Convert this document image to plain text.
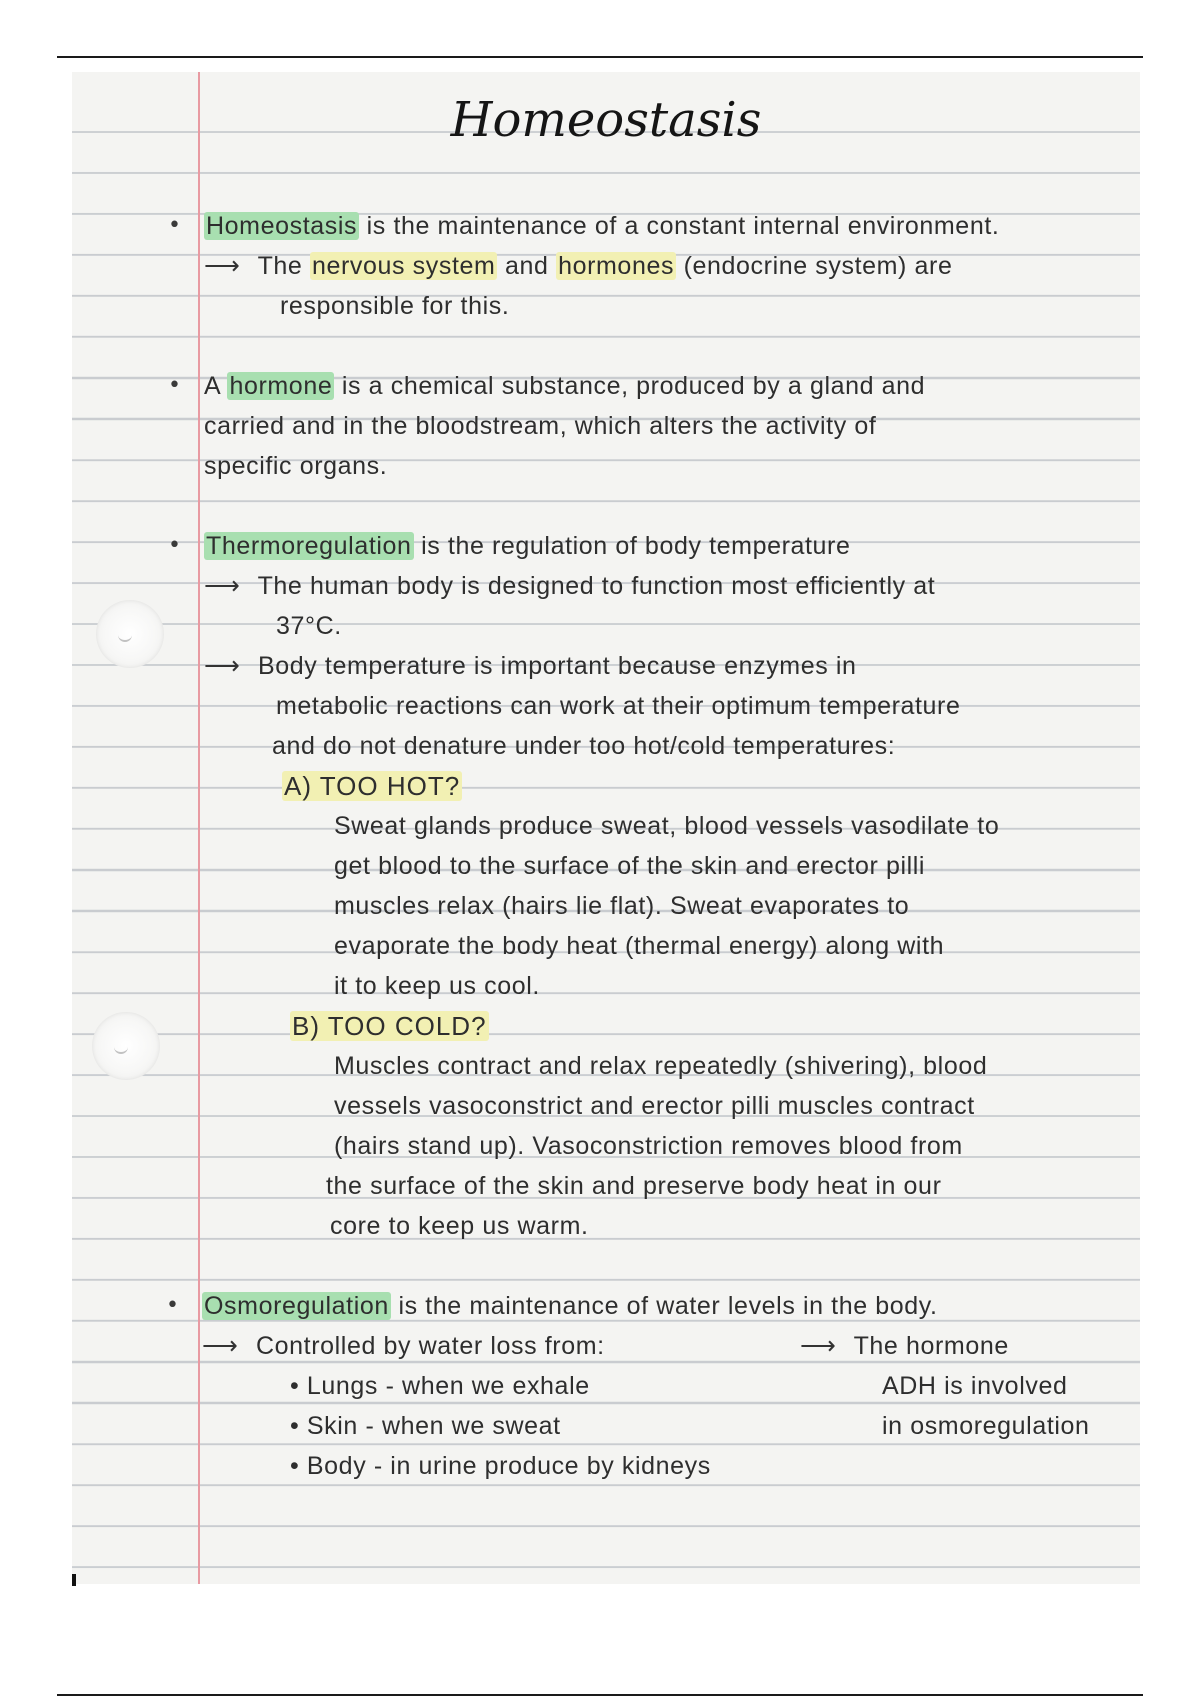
Homeostasis
• Homeostasis is the maintenance of a constant internal environment.
⟶ The nervous system and hormones (endocrine system) are
responsible for this.
• A hormone is a chemical substance, produced by a gland and
carried and in the bloodstream, which alters the activity of
specific organs.
• Thermoregulation is the regulation of body temperature
⟶ The human body is designed to function most efficiently at
37°C.
⟶ Body temperature is important because enzymes in
metabolic reactions can work at their optimum temperature
and do not denature under too hot/cold temperatures:
A) TOO HOT?
Sweat glands produce sweat, blood vessels vasodilate to
get blood to the surface of the skin and erector pilli
muscles relax (hairs lie flat). Sweat evaporates to
evaporate the body heat (thermal energy) along with
it to keep us cool.
B) TOO COLD?
Muscles contract and relax repeatedly (shivering), blood
vessels vasoconstrict and erector pilli muscles contract
(hairs stand up). Vasoconstriction removes blood from
the surface of the skin and preserve body heat in our
core to keep us warm.
• Osmoregulation is the maintenance of water levels in the body.
⟶ Controlled by water loss from:
• Lungs - when we exhale
• Skin - when we sweat
• Body - in urine produce by kidneys
⟶ The hormone
ADH is involved
in osmoregulation
